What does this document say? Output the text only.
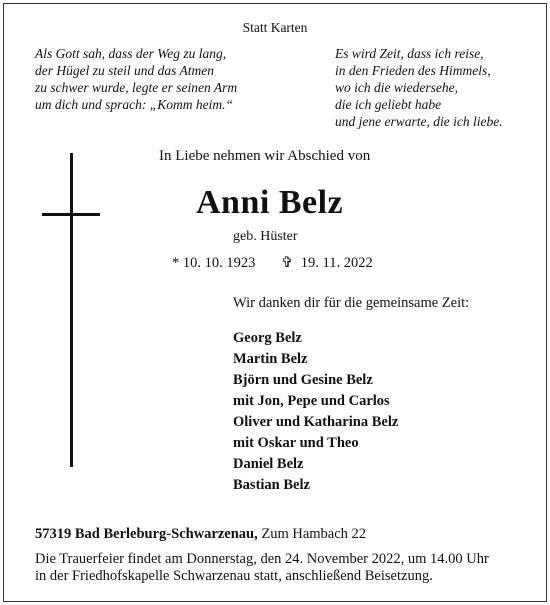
Statt Karten
Als Gott sah, dass der Weg zu lang,
der Hügel zu steil und das Atmen
zu schwer wurde, legte er seinen Arm
um dich und sprach: „Komm heim.“
Es wird Zeit, dass ich reise,
in den Frieden des Himmels,
wo ich die wiedersehe,
die ich geliebt habe
und jene erwarte, die ich liebe.
In Liebe nehmen wir Abschied von
Anni Belz
geb. Hüster
* 10. 10. 1923 ✞ 19. 11. 2022
Wir danken dir für die gemeinsame Zeit:
Georg Belz
Martin Belz
Björn und Gesine Belz
mit Jon, Pepe und Carlos
Oliver und Katharina Belz
mit Oskar und Theo
Daniel Belz
Bastian Belz
57319 Bad Berleburg-Schwarzenau, Zum Hambach 22
Die Trauerfeier findet am Donnerstag, den 24. November 2022, um 14.00 Uhr
in der Friedhofskapelle Schwarzenau statt, anschließend Beisetzung.
